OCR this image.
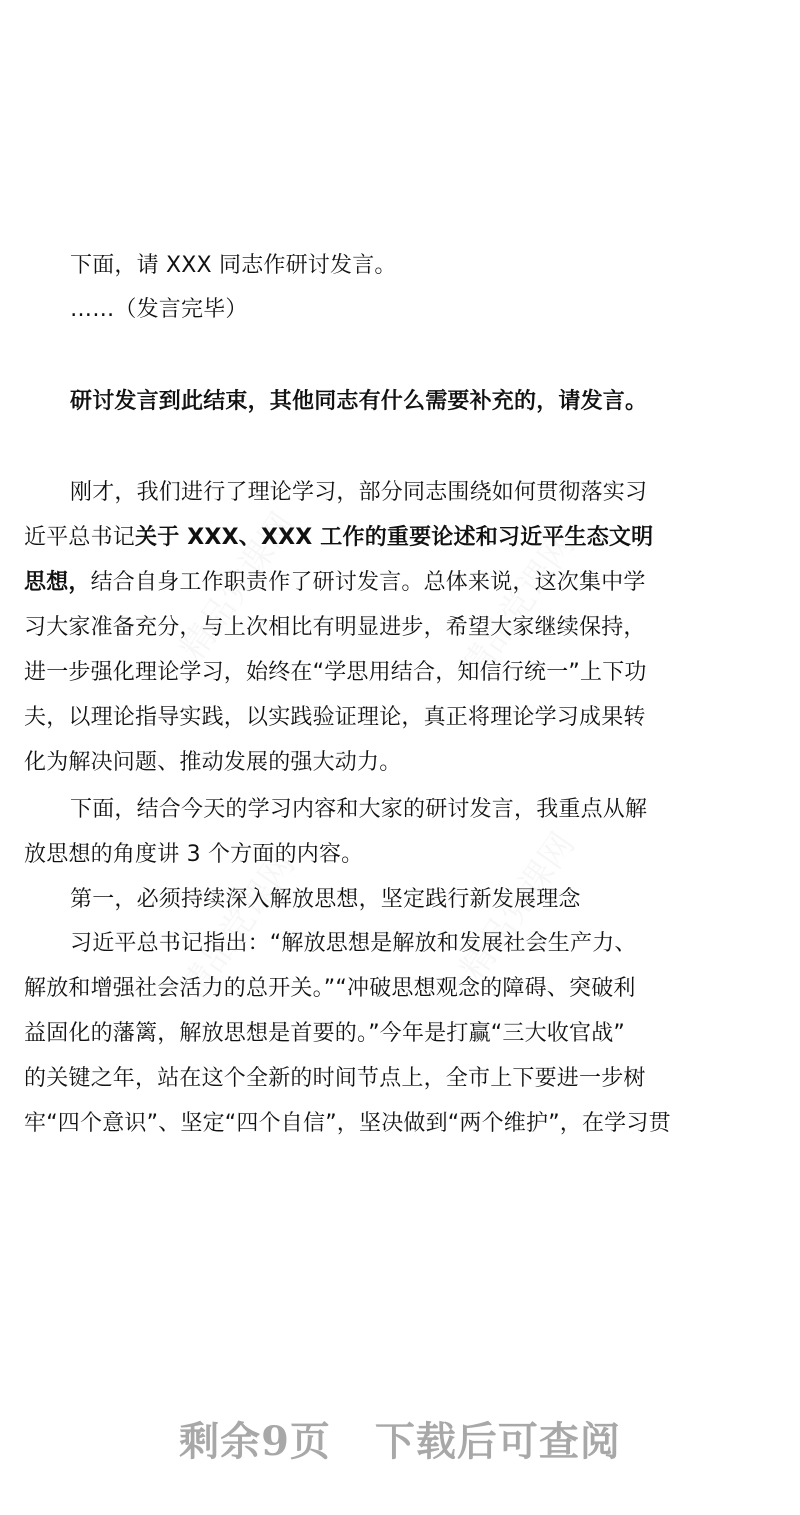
下面，请 XXX 同志作研讨发言。
……（发言完毕）
研讨发言到此结束，其他同志有什么需要补充的，请发言。
刚才，我们进行了理论学习，部分同志围绕如何贯彻落实习
近平总书记关于 XXX、XXX 工作的重要论述和习近平生态文明
思想，结合自身工作职责作了研讨发言。总体来说，这次集中学
习大家准备充分，与上次相比有明显进步，希望大家继续保持，
进一步强化理论学习，始终在“学思用结合，知信行统一”上下功
夫，以理论指导实践，以实践验证理论，真正将理论学习成果转
化为解决问题、推动发展的强大动力。
下面，结合今天的学习内容和大家的研讨发言，我重点从解
放思想的角度讲 3 个方面的内容。
第一，必须持续深入解放思想，坚定践行新发展理念
习近平总书记指出：“解放思想是解放和发展社会生产力、
解放和增强社会活力的总开关。”“冲破思想观念的障碍、突破利
益固化的藩篱，解放思想是首要的。”今年是打赢“三大收官战”
的关键之年，站在这个全新的时间节点上，全市上下要进一步树
牢“四个意识”、坚定“四个自信”，坚决做到“两个维护”，在学习贯
剩余9页 下载后可查阅
